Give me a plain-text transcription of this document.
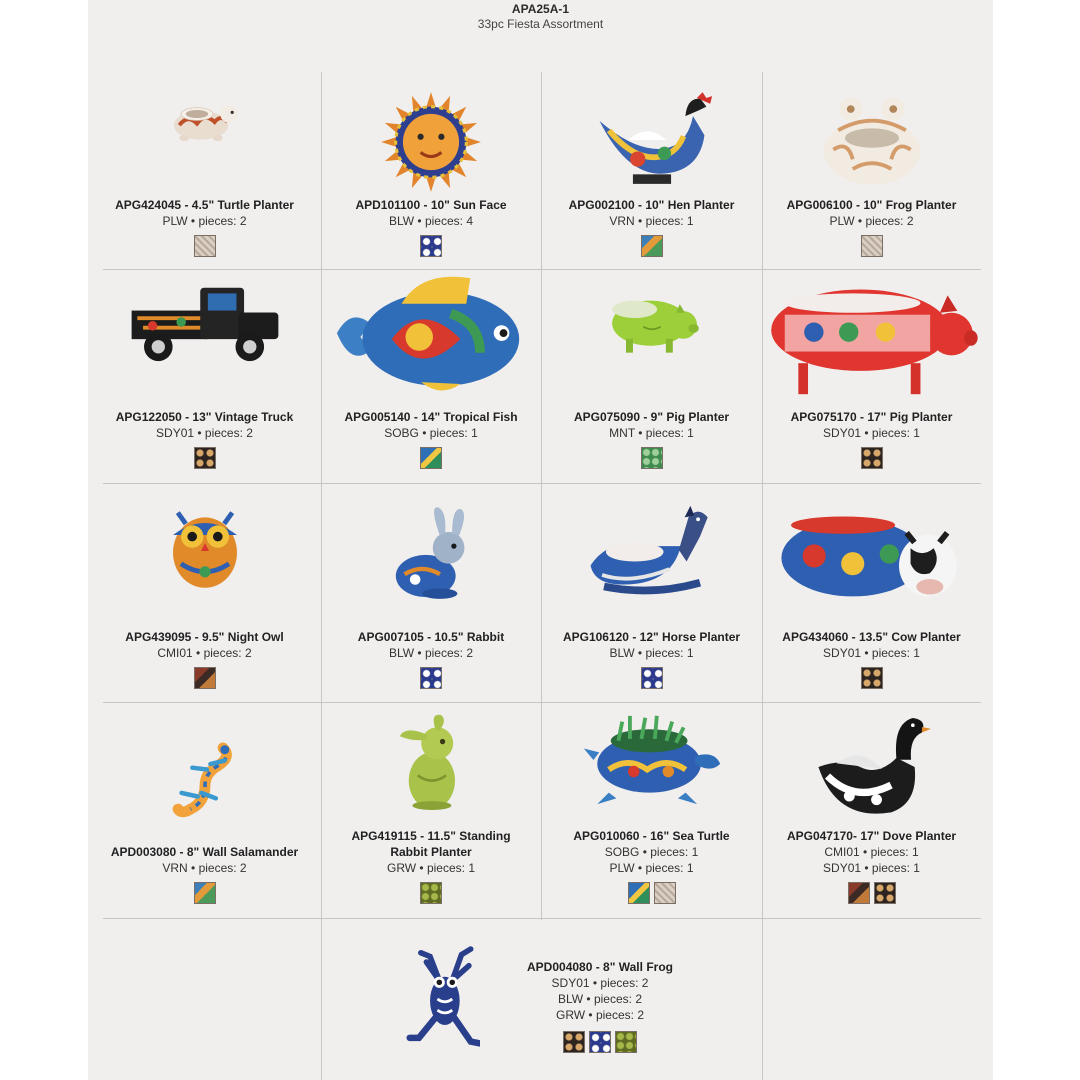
APA25A-1
33pc Fiesta Assortment
APG424045 - 4.5" Turtle Planter
PLW • pieces: 2
APD101100 - 10" Sun Face
BLW • pieces: 4
APG002100 - 10" Hen Planter
VRN • pieces: 1
APG006100 - 10" Frog Planter
PLW • pieces: 2
APG122050 - 13" Vintage Truck
SDY01 • pieces: 2
APG005140 - 14" Tropical Fish
SOBG • pieces: 1
APG075090 - 9" Pig Planter
MNT • pieces: 1
APG075170 - 17" Pig Planter
SDY01 • pieces: 1
APG439095 - 9.5" Night Owl
CMI01 • pieces: 2
APG007105 - 10.5" Rabbit
BLW • pieces: 2
APG106120 - 12" Horse Planter
BLW • pieces: 1
APG434060 - 13.5" Cow Planter
SDY01 • pieces: 1
APD003080 - 8" Wall Salamander
VRN • pieces: 2
APG419115 - 11.5" Standing Rabbit Planter
GRW • pieces: 1
APG010060 - 16" Sea Turtle
SOBG • pieces: 1
PLW • pieces: 1
APG047170- 17" Dove Planter
CMI01 • pieces: 1
SDY01 • pieces: 1
APD004080 - 8" Wall Frog
SDY01 • pieces: 2
BLW • pieces: 2
GRW • pieces: 2
